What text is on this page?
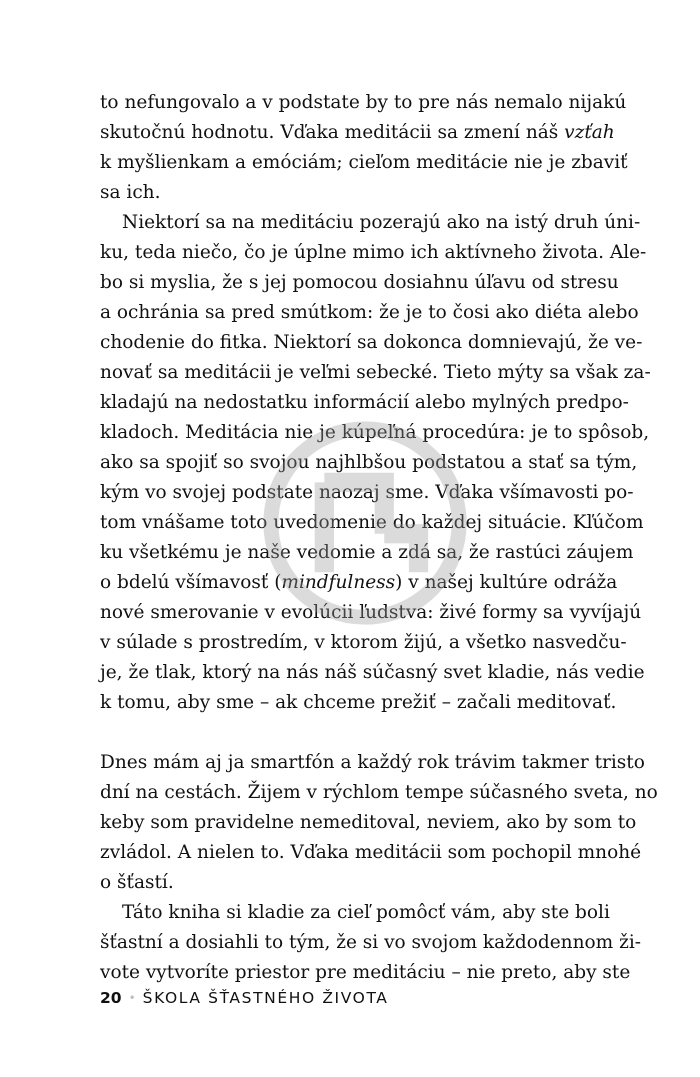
to nefungovalo a v podstate by to pre nás nemalo nijakú
skutočnú hodnotu. Vďaka meditácii sa zmení náš vzťah
k myšlienkam a emóciám; cieľom meditácie nie je zbaviť
sa ich.
Niektorí sa na meditáciu pozerajú ako na istý druh úni-
ku, teda niečo, čo je úplne mimo ich aktívneho života. Ale-
bo si myslia, že s jej pomocou dosiahnu úľavu od stresu
a ochránia sa pred smútkom: že je to čosi ako diéta alebo
chodenie do fitka. Niektorí sa dokonca domnievajú, že ve-
novať sa meditácii je veľmi sebecké. Tieto mýty sa však za-
kladajú na nedostatku informácií alebo mylných predpo-
kladoch. Meditácia nie je kúpeľná procedúra: je to spôsob,
ako sa spojiť so svojou najhlbšou podstatou a stať sa tým,
kým vo svojej podstate naozaj sme. Vďaka všímavosti po-
tom vnášame toto uvedomenie do každej situácie. Kľúčom
ku všetkému je naše vedomie a zdá sa, že rastúci záujem
o bdelú všímavosť (mindfulness) v našej kultúre odráža
nové smerovanie v evolúcii ľudstva: živé formy sa vyvíjajú
v súlade s prostredím, v ktorom žijú, a všetko nasvedču-
je, že tlak, ktorý na nás náš súčasný svet kladie, nás vedie
k tomu, aby sme – ak chceme prežiť – začali meditovať.
Dnes mám aj ja smartfón a každý rok trávim takmer tristo
dní na cestách. Žijem v rýchlom tempe súčasného sveta, no
keby som pravidelne nemeditoval, neviem, ako by som to
zvládol. A nielen to. Vďaka meditácii som pochopil mnohé
o šťastí.
Táto kniha si kladie za cieľ pomôcť vám, aby ste boli
šťastní a dosiahli to tým, že si vo svojom každodennom ži-
vote vytvoríte priestor pre meditáciu – nie preto, aby ste
20 • ŠKOLA ŠŤASTNÉHO ŽIVOTA
